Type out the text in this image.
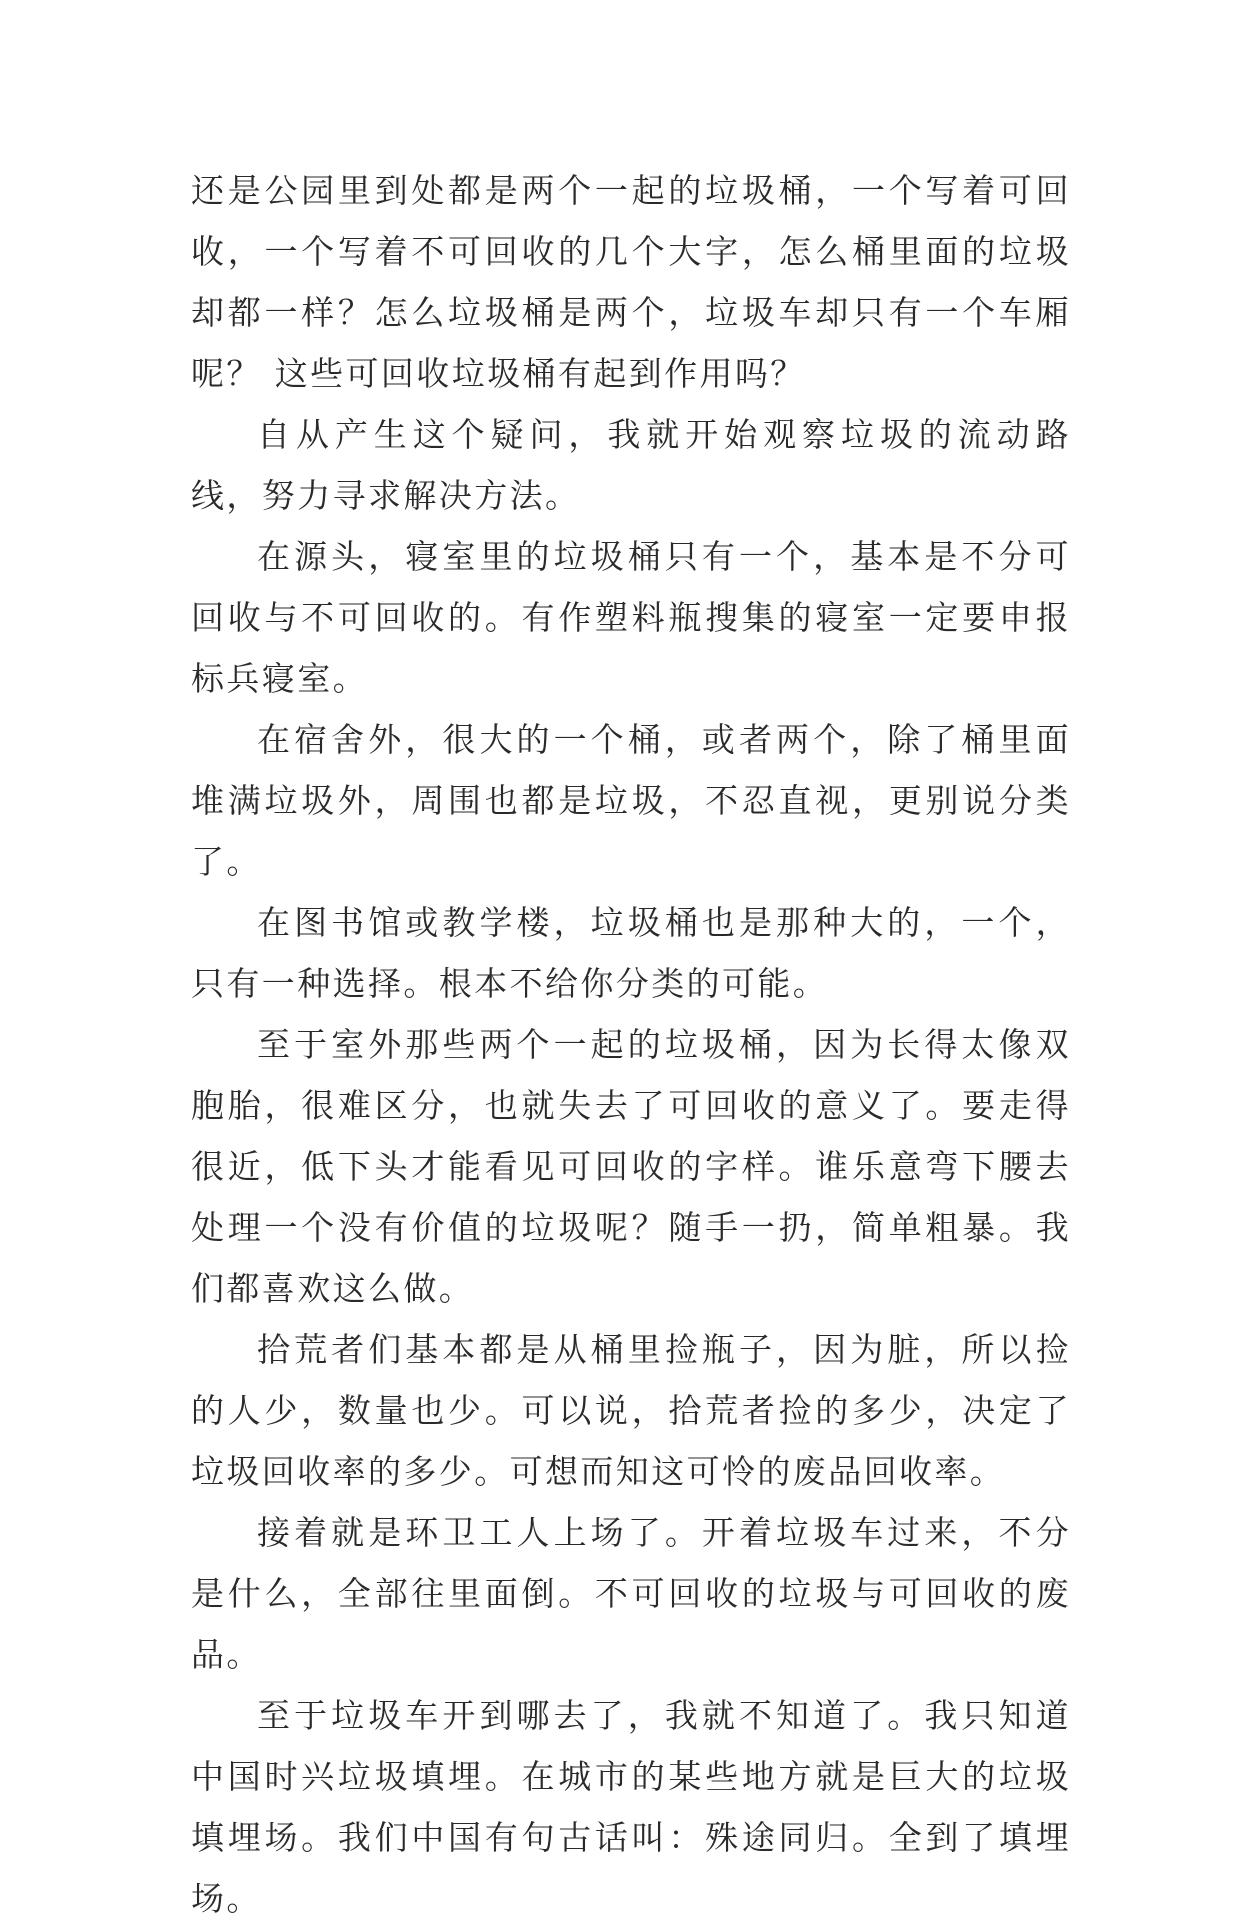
还是公园里到处都是两个一起的垃圾桶，一个写着可回收，一个写着不可回收的几个大字，怎么桶里面的垃圾却都一样？怎么垃圾桶是两个，垃圾车却只有一个车厢呢？ 这些可回收垃圾桶有起到作用吗？

自从产生这个疑问，我就开始观察垃圾的流动路线，努力寻求解决方法。

在源头，寝室里的垃圾桶只有一个，基本是不分可回收与不可回收的。有作塑料瓶搜集的寝室一定要申报标兵寝室。

在宿舍外，很大的一个桶，或者两个，除了桶里面堆满垃圾外，周围也都是垃圾，不忍直视，更别说分类了。

在图书馆或教学楼，垃圾桶也是那种大的，一个，只有一种选择。根本不给你分类的可能。

至于室外那些两个一起的垃圾桶，因为长得太像双胞胎，很难区分，也就失去了可回收的意义了。要走得很近，低下头才能看见可回收的字样。谁乐意弯下腰去处理一个没有价值的垃圾呢？随手一扔，简单粗暴。我们都喜欢这么做。

拾荒者们基本都是从桶里捡瓶子，因为脏，所以捡的人少，数量也少。可以说，拾荒者捡的多少，决定了垃圾回收率的多少。可想而知这可怜的废品回收率。

接着就是环卫工人上场了。开着垃圾车过来，不分是什么，全部往里面倒。不可回收的垃圾与可回收的废品。

至于垃圾车开到哪去了，我就不知道了。我只知道中国时兴垃圾填埋。在城市的某些地方就是巨大的垃圾填埋场。我们中国有句古话叫：殊途同归。全到了填埋场。
